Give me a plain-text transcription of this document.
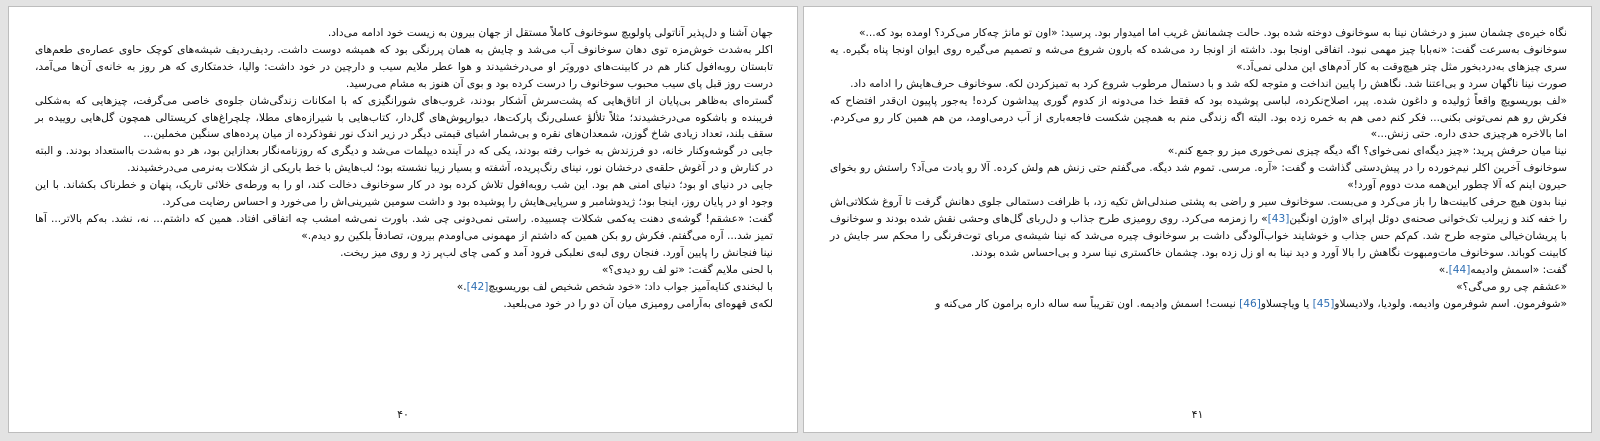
جهان آشنا و دل‌پذیر آناتولی پاولویچ سوخانوف کاملاً مستقل از جهان بیرون به زیست خود ادامه می‌داد.

اکلر به‌شدت خوش‌مزه توی دهان سوخانوف آب می‌شد و چایش به همان پررنگی بود که همیشه دوست داشت. ردیف‌ردیف شیشه‌های کوچک حاوی عصاره‌ی طعم‌های تابستان روبه‌افول کنار هم در کابینت‌های دوروبَر او می‌درخشیدند و هوا عطر ملایم سیب و دارچین در خود داشت: والیا، خدمتکاری که هر روز به خانه‌ی آن‌ها می‌آمد، درست روز قبل پای سیب محبوب سوخانوف را درست کرده بود و بوی آن هنوز به مشام می‌رسید.

گستره‌ای به‌ظاهر بی‌پایان از اتاق‌هایی که پشت‌سرش آشکار بودند، غروب‌های شورانگیزی که با امکانات زندگی‌شان جلوه‌ی خاصی می‌گرفت، چیزهایی که به‌شکلی فریبنده و باشکوه می‌درخشیدند؛ مثلاً تلألؤ عسلی‌رنگ پارکت‌ها، دیوارپوش‌های گل‌دار، کتاب‌هایی با شیرازه‌های مطلا، چلچراغ‌های کریستالی همچون گل‌هایی روییده بر سقف بلند، تعداد زیادی شاخ گوزن، شمعدان‌های نقره و بی‌شمار اشیای قیمتی دیگر در زیر اندک نور نفوذکرده از میان پرده‌های سنگین مخملین...

جایی در گوشه‌وکنار خانه، دو فرزندش به خواب رفته بودند، یکی که در آینده دیپلمات می‌شد و دیگری که روزنامه‌نگار بعدازاین بود، هر دو به‌شدت بااستعداد بودند. و البته در کنارش و در آغوش حلقه‌ی درخشان نور، نینای رنگ‌پریده، آشفته و بسیار زیبا نشسته بود؛ لب‌هایش با خط باریکی از شکلات به‌نرمی می‌درخشیدند.

جایی در دنیای او بود؛ دنیای امنی هم بود. این شب روبه‌افول تلاش کرده بود در کار سوخانوف دخالت کند، او را به ورطه‌ی خلائی تاریک، پنهان و خطرناک بکشاند. با این وجود او در پایان روز، اینجا بود؛ ژیدوشامبر و سرپایی‌هایش را پوشیده بود و داشت سومین شیرینی‌اش را می‌خورد و احساس رضایت می‌کرد.

گفت: «عشقم! گوشه‌ی دهنت یه‌کمی شکلات چسبیده. راستی نمی‌دونی چی شد. باورت نمی‌شه امشب چه اتفاقی افتاد. همین که داشتم... نه، نشد. به‌کم بالاتر... آها تمیز شد... آره می‌گفتم. فکرش رو بکن همین که داشتم از مهمونی می‌اومدم بیرون، تصادفاً بلکین رو دیدم.»

نینا فنجانش را پایین آورد. فنجان روی لبه‌ی نعلبکی فرود آمد و کمی چای لب‌پر زد و روی میز ریخت.

با لحنی ملایم گفت: «تو لف رو دیدی؟»

با لبخندی کنایه‌آمیز جواب داد: «خود شخص شخیص لف بوریسویچ[42].»

لکه‌ی قهوه‌ای به‌آرامی رومیزی میان آن دو را در خود می‌بلعید.

۴۰

نگاه خیره‌ی چشمان سبز و درخشان نینا به سوخانوف دوخته شده بود. حالت چشمانش غریب اما امیدوار بود. پرسید: «اون تو مانژ چه‌کار می‌کرد؟ اومده بود که...»

سوخانوف به‌سرعت گفت: «نه‌بابا چیز مهمی نبود. اتفاقی اونجا بود. داشته از اونجا رد می‌شده که بارون شروع می‌شه و تصمیم می‌گیره روی ایوان اونجا پناه بگیره. یه سری چیزهای به‌دردبخور مثل چتر هیچ‌وقت به کار آدم‌های این مدلی نمی‌آد.»

صورت نینا ناگهان سرد و بی‌اعتنا شد. نگاهش را پایین انداخت و متوجه لکه شد و با دستمال مرطوب شروع کرد به تمیزکردن لکه. سوخانوف حرف‌هایش را ادامه داد.

«لف بوریسویچ واقعاً ژولیده و داغون شده. پیر، اصلاح‌نکرده، لباسی پوشیده بود که فقط خدا می‌دونه از کدوم گوری پیداشون کرده! یه‌جور پاپیون ان‌قدر افتضاح که فکرش رو هم نمی‌تونی بکنی... فکر کنم دمی هم به خمره زده بود. البته اگه زندگی منم به همچین شکست فاجعه‌باری از آب درمی‌اومد، من هم همین کار رو می‌کردم. اما بالاخره هرچیزی حدی داره. حتی زنش...»

نینا میان حرفش پرید: «چیز دیگه‌ای نمی‌خوای؟ اگه دیگه چیزی نمی‌خوری میز رو جمع کنم.»

سوخانوف آخرین اکلر نیم‌خورده را در پیش‌دستی گذاشت و گفت: «آره. مرسی. تموم شد دیگه. می‌گفتم حتی زنش هم ولش کرده. آلا رو یادت می‌آد؟ راستش رو بخوای حیرون اینم که آلا چطور این‌همه مدت دووم آورد!»

نینا بدون هیچ حرفی کابینت‌ها را باز می‌کرد و می‌بست. سوخانوف سیر و راضی به پشتی صندلی‌اش تکیه زد، با ظرافت دستمالی جلوی دهانش گرفت تا آروغ شکلاتی‌اش را خفه کند و زیرلب تک‌خوانی صحنه‌ی دوئل اپرای «اوژن اونگین[43]» را زمزمه می‌کرد. روی رومیزی طرح جذاب و دل‌ربای گل‌های وحشی نقش شده بودند و سوخانوف با پریشان‌خیالی متوجه طرح شد. کم‌کم حس جذاب و خوشایند خواب‌آلودگی داشت بر سوخانوف چیره می‌شد که نینا شیشه‌ی مربای توت‌فرنگی را محکم سر جایش در کابینت کوباند. سوخانوف مات‌ومبهوت نگاهش را بالا آورد و دید نینا به او زل زده بود. چشمان خاکستری نینا سرد و بی‌احساس شده بودند.

گفت: «اسمش وادیمه[44].»

«عشقم چی رو می‌گی؟»

«شوفرمون. اسم شوفرمون وادیمه. ولودیا، ولادیسلاو[45] یا ویاچسلاو[46] نیست! اسمش وادیمه. اون تقریباً سه ساله داره برامون کار می‌کنه و

۴۱
